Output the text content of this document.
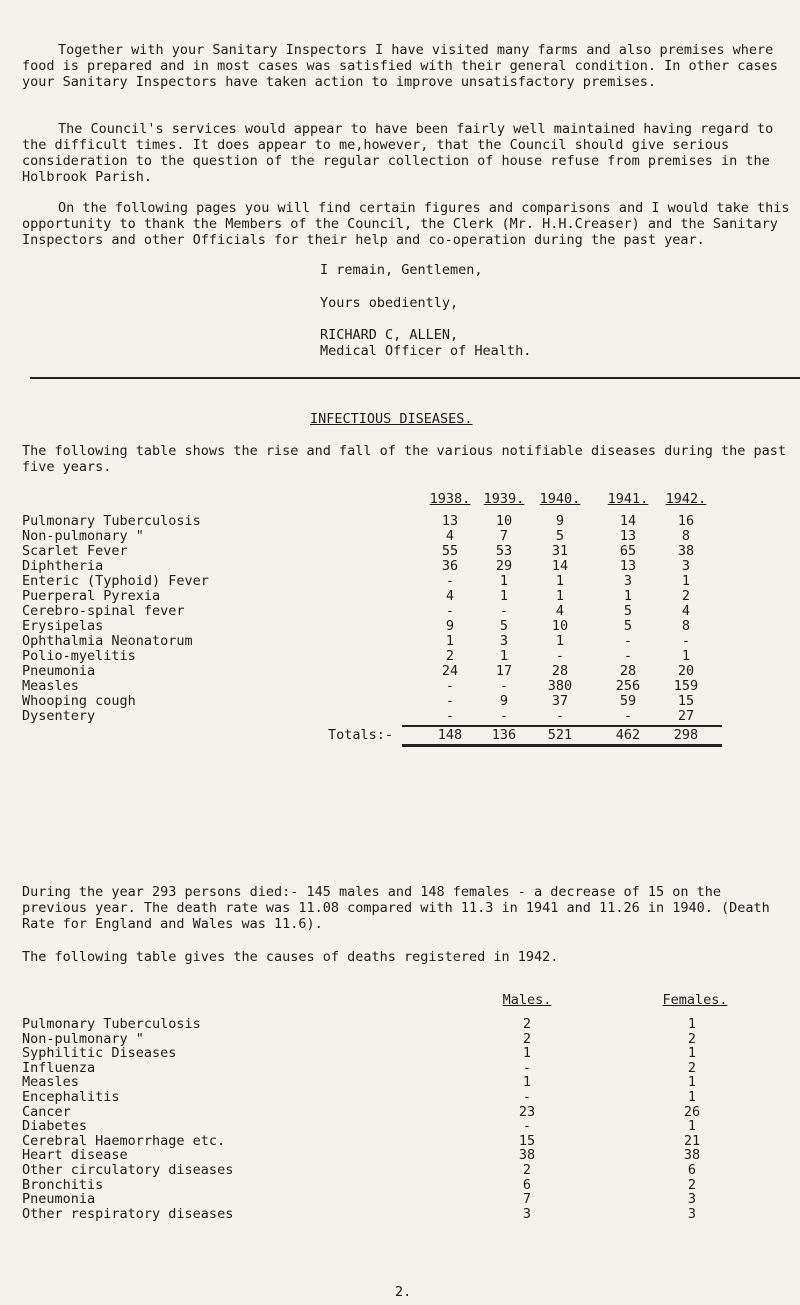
Together with your Sanitary Inspectors I have visited many farms and also premises where food is prepared and in most cases was satisfied with their general condition. In other cases your Sanitary Inspectors have taken action to improve unsatisfactory premises.

The Council's services would appear to have been fairly well maintained having regard to the difficult times. It does appear to me,however, that the Council should give serious consideration to the question of the regular collection of house refuse from premises in the Holbrook Parish.

On the following pages you will find certain figures and comparisons and I would take this opportunity to thank the Members of the Council, the Clerk (Mr. H.H.Creaser) and the Sanitary Inspectors and other Officials for their help and co-operation during the past year.

I remain, Gentlemen,
Yours obediently,
RICHARD C, ALLEN,
Medical Officer of Health.
INFECTIOUS DISEASES.

The following table shows the rise and fall of the various notifiable diseases during the past five years.

1938. 1939.	1940.	1941.	1942.
Pulmonary Tuberculosis	13	10	9	14	16
Non-pulmonary "	4	7	5	13	8
Scarlet Fever	55	53	31	65	38
Diphtheria	36	29	14	13	3
Enteric (Typhoid) Fever	-	1	1	3	1
Puerperal Pyrexia	4	1	1	1	2
Cerebro-spinal fever	-	-	4	5	4
Erysipelas	9	5	10	5	8
Ophthalmia Neonatorum	1	3	1	-	-
Polio-myelitis	2	1	-	-	1
Pneumonia	24	17	28	28	20
Measles	-	-	380	256	159
Whooping cough	-	9	37	59	15
Dysentery	-	-	-	-	27
Totals:-	148	136	521	462	298

During the year 293 persons died:- 145 males and 148 females - a decrease of 15 on the previous year. The death rate was 11.08 compared with 11.3 in 1941 and 11.26 in 1940. (Death Rate for England and Wales was 11.6).

The following table gives the causes of deaths registered in 1942.

Males.	Females.
Pulmonary Tuberculosis	2	1
Non-pulmonary "	2	2
Syphilitic Diseases	1	1
Influenza	-	2
Measles	1	1
Encephalitis	-	1
Cancer	23	26
Diabetes	-	1
Cerebral Haemorrhage etc.	15	21
Heart disease	38	38
Other circulatory diseases	2	6
Bronchitis	6	2
Pneumonia	7	3
Other respiratory diseases	3	3
2.
